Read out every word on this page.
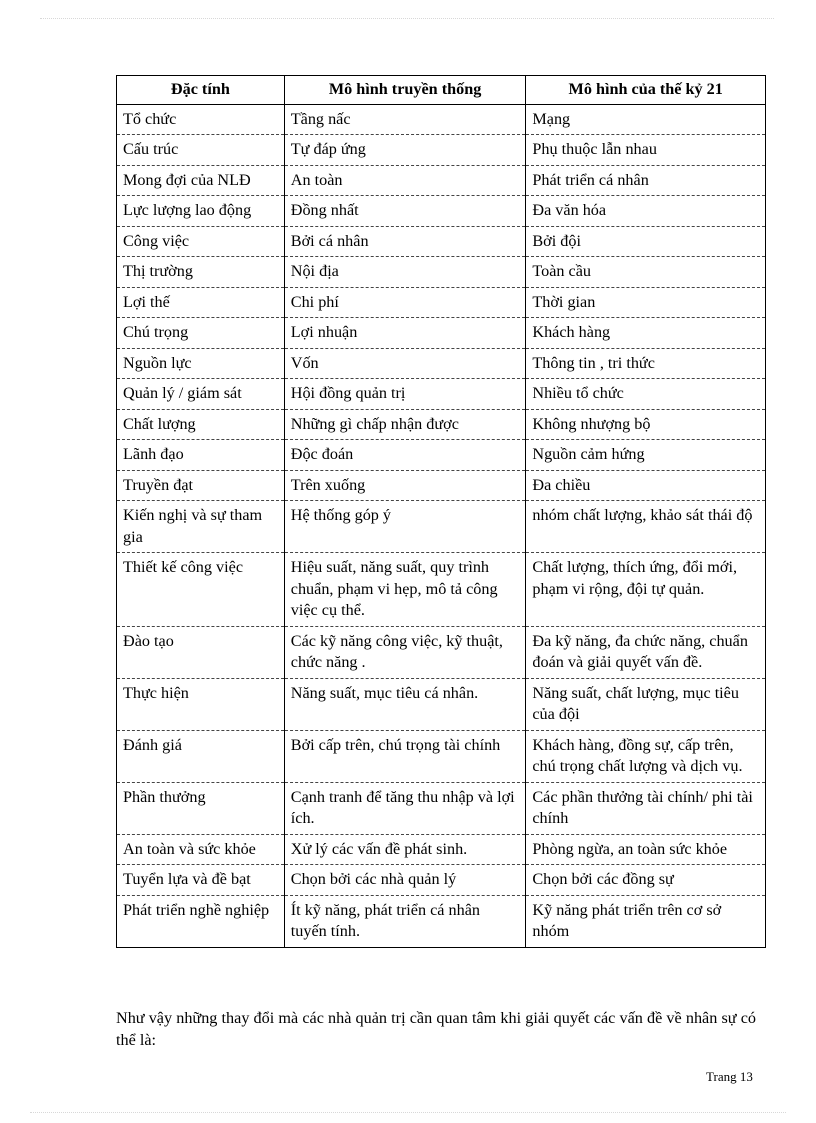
Đặc tính	Mô hình truyền thống	Mô hình của thế kỷ 21
Tổ chức	Tầng nấc	Mạng
Cấu trúc	Tự đáp ứng	Phụ thuộc lẫn nhau
Mong đợi của NLĐ	An toàn	Phát triển cá nhân
Lực lượng lao động	Đồng nhất	Đa văn hóa
Công việc	Bởi cá nhân	Bởi đội
Thị trường	Nội địa	Toàn cầu
Lợi thế	Chi phí	Thời gian
Chú trọng	Lợi nhuận	Khách hàng
Nguồn lực	Vốn	Thông tin , tri thức
Quản lý / giám sát	Hội đồng quản trị	Nhiều tổ chức
Chất lượng	Những gì chấp nhận được	Không nhượng bộ
Lãnh đạo	Độc đoán	Nguồn cảm hứng
Truyền đạt	Trên xuống	Đa chiều
Kiến nghị và sự tham gia	Hệ thống góp ý	nhóm chất lượng, khảo sát thái độ
Thiết kế công việc	Hiệu suất, năng suất, quy trình chuẩn, phạm vi hẹp, mô tả công việc cụ thể.	Chất lượng, thích ứng, đổi mới, phạm vi rộng, đội tự quản.
Đào tạo	Các kỹ năng công việc, kỹ thuật, chức năng .	Đa kỹ năng, đa chức năng, chuẩn đoán và giải quyết vấn đề.
Thực hiện	Năng suất, mục tiêu cá nhân.	Năng suất, chất lượng, mục tiêu của đội
Đánh giá	Bởi cấp trên, chú trọng tài chính	Khách hàng, đồng sự, cấp trên, chú trọng chất lượng và dịch vụ.
Phần thưởng	Cạnh tranh để tăng thu nhập và lợi ích.	Các phần thưởng tài chính/ phi tài chính
An toàn và sức khỏe	Xử lý các vấn đề phát sinh.	Phòng ngừa, an toàn sức khỏe
Tuyển lựa và đề bạt	Chọn bởi các nhà quản lý	Chọn bởi các đồng sự
Phát triển nghề nghiệp	Ít kỹ năng, phát triển cá nhân tuyến tính.	Kỹ năng phát triển trên cơ sở nhóm

Như vậy những thay đổi mà các nhà quản trị cần quan tâm khi giải quyết các vấn đề về nhân sự có thể là:

Trang 13
